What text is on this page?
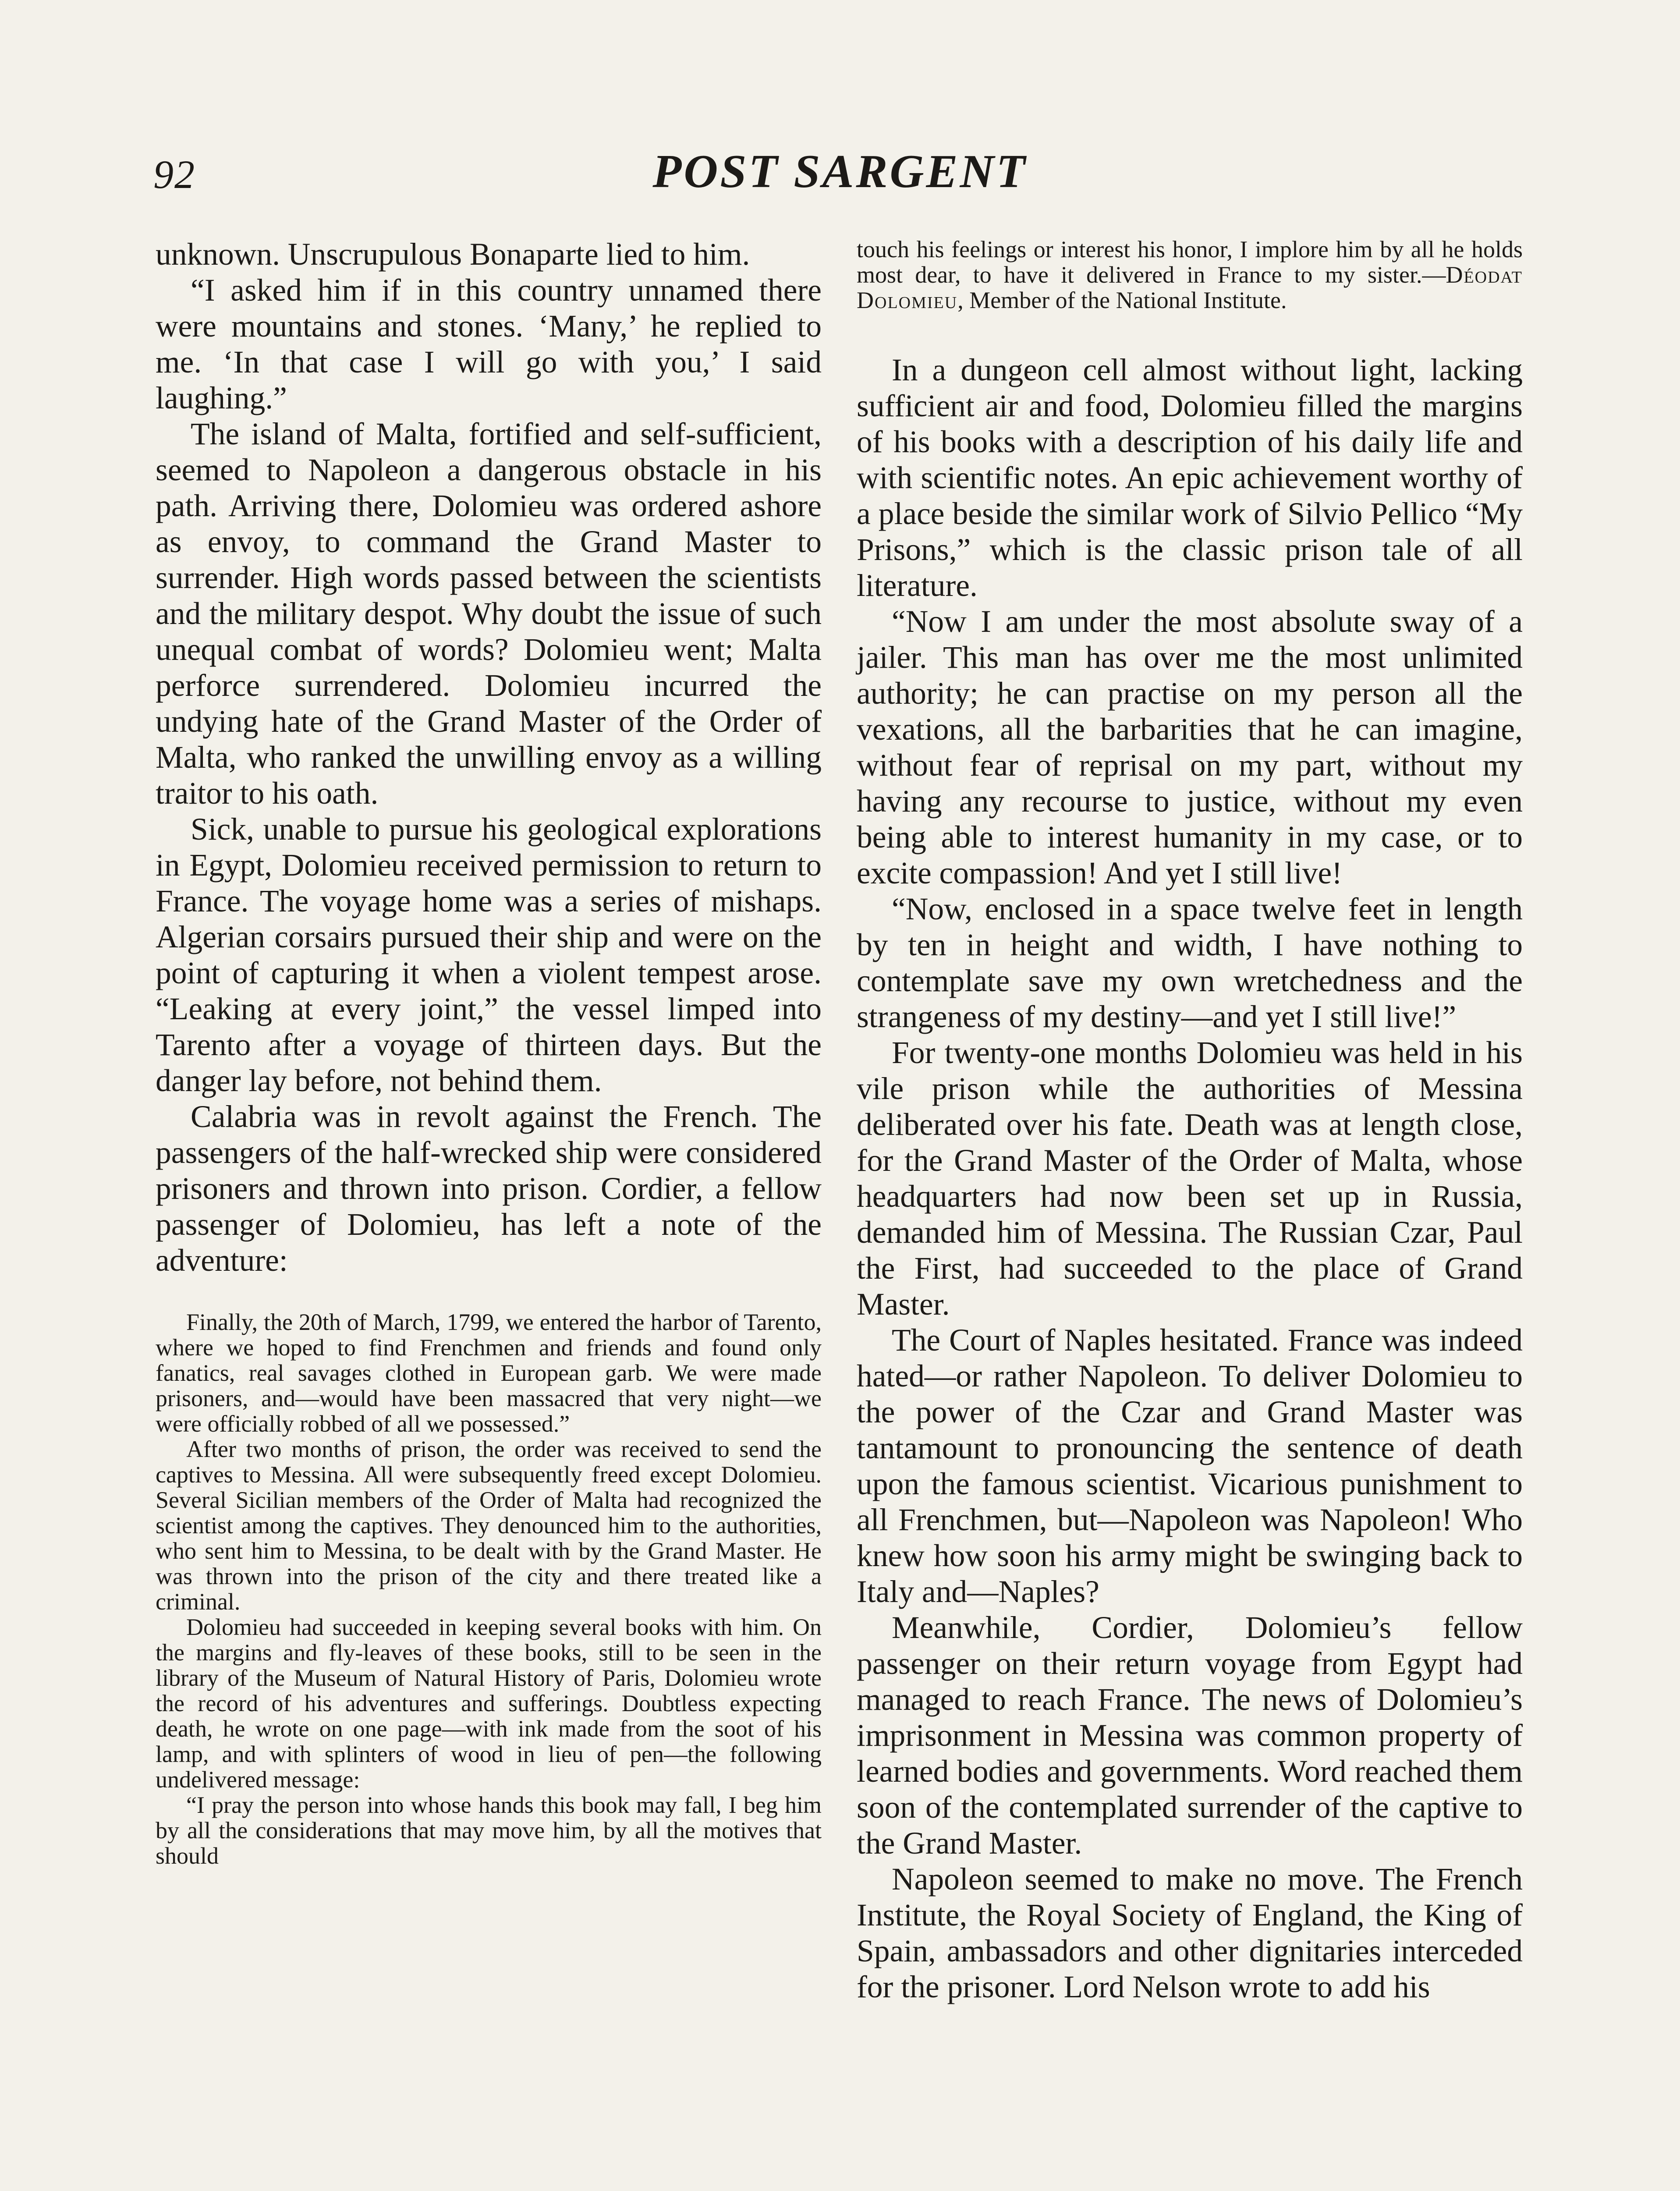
92	POST SARGENT

unknown. Unscrupulous Bonaparte lied to him.

“I asked him if in this country unnamed there were mountains and stones. ‘Many,’ he replied to me. ‘In that case I will go with you,’ I said laughing.”

The island of Malta, fortified and self-sufficient, seemed to Napoleon a dangerous obstacle in his path. Arriving there, Dolomieu was ordered ashore as envoy, to command the Grand Master to surrender. High words passed between the scientists and the military despot. Why doubt the issue of such unequal combat of words? Dolomieu went; Malta perforce surrendered. Dolomieu incurred the undying hate of the Grand Master of the Order of Malta, who ranked the unwilling envoy as a willing traitor to his oath.

Sick, unable to pursue his geological explorations in Egypt, Dolomieu received permission to return to France. The voyage home was a series of mishaps. Algerian corsairs pursued their ship and were on the point of capturing it when a violent tempest arose. “Leaking at every joint,” the vessel limped into Tarento after a voyage of thirteen days. But the danger lay before, not behind them.

Calabria was in revolt against the French. The passengers of the half-wrecked ship were considered prisoners and thrown into prison. Cordier, a fellow passenger of Dolomieu, has left a note of the adventure:

Finally, the 20th of March, 1799, we entered the harbor of Tarento, where we hoped to find Frenchmen and friends and found only fanatics, real savages clothed in European garb. We were made prisoners, and—would have been massacred that very night—we were officially robbed of all we possessed.”

After two months of prison, the order was received to send the captives to Messina. All were subsequently freed except Dolomieu. Several Sicilian members of the Order of Malta had recognized the scientist among the captives. They denounced him to the authorities, who sent him to Messina, to be dealt with by the Grand Master. He was thrown into the prison of the city and there treated like a criminal.

Dolomieu had succeeded in keeping several books with him. On the margins and fly-leaves of these books, still to be seen in the library of the Museum of Natural History of Paris, Dolomieu wrote the record of his adventures and sufferings. Doubtless expecting death, he wrote on one page—with ink made from the soot of his lamp, and with splinters of wood in lieu of pen—the following undelivered message:

“I pray the person into whose hands this book may fall, I beg him by all the considerations that may move him, by all the motives that should

touch his feelings or interest his honor, I implore him by all he holds most dear, to have it delivered in France to my sister.—Déodat Dolomieu, Member of the National Institute.

In a dungeon cell almost without light, lacking sufficient air and food, Dolomieu filled the margins of his books with a description of his daily life and with scientific notes. An epic achievement worthy of a place beside the similar work of Silvio Pellico “My Prisons,” which is the classic prison tale of all literature.

“Now I am under the most absolute sway of a jailer. This man has over me the most unlimited authority; he can practise on my person all the vexations, all the barbarities that he can imagine, without fear of reprisal on my part, without my having any recourse to justice, without my even being able to interest humanity in my case, or to excite compassion! And yet I still live!

“Now, enclosed in a space twelve feet in length by ten in height and width, I have nothing to contemplate save my own wretchedness and the strangeness of my destiny—and yet I still live!”

For twenty-one months Dolomieu was held in his vile prison while the authorities of Messina deliberated over his fate. Death was at length close, for the Grand Master of the Order of Malta, whose headquarters had now been set up in Russia, demanded him of Messina. The Russian Czar, Paul the First, had succeeded to the place of Grand Master.

The Court of Naples hesitated. France was indeed hated—or rather Napoleon. To deliver Dolomieu to the power of the Czar and Grand Master was tantamount to pronouncing the sentence of death upon the famous scientist. Vicarious punishment to all Frenchmen, but—Napoleon was Napoleon! Who knew how soon his army might be swinging back to Italy and—Naples?

Meanwhile, Cordier, Dolomieu’s fellow passenger on their return voyage from Egypt had managed to reach France. The news of Dolomieu’s imprisonment in Messina was common property of learned bodies and governments. Word reached them soon of the contemplated surrender of the captive to the Grand Master.

Napoleon seemed to make no move. The French Institute, the Royal Society of England, the King of Spain, ambassadors and other dignitaries interceded for the prisoner. Lord Nelson wrote to add his
